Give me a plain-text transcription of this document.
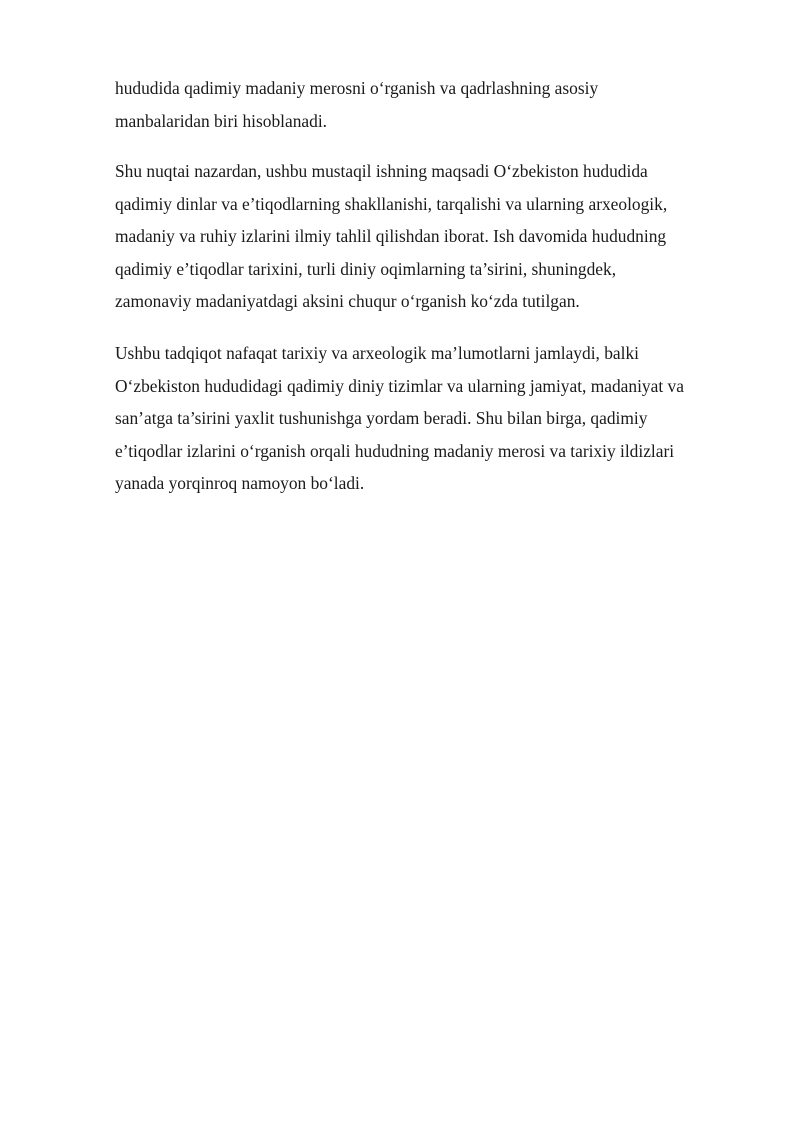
hududida qadimiy madaniy merosni o‘rganish va qadrlashning asosiy
manbalaridan biri hisoblanadi.
Shu nuqtai nazardan, ushbu mustaqil ishning maqsadi O‘zbekiston hududida
qadimiy dinlar va e’tiqodlarning shakllanishi, tarqalishi va ularning arxeologik,
madaniy va ruhiy izlarini ilmiy tahlil qilishdan iborat. Ish davomida hududning
qadimiy e’tiqodlar tarixini, turli diniy oqimlarning ta’sirini, shuningdek,
zamonaviy madaniyatdagi aksini chuqur o‘rganish ko‘zda tutilgan.
Ushbu tadqiqot nafaqat tarixiy va arxeologik ma’lumotlarni jamlaydi, balki
O‘zbekiston hududidagi qadimiy diniy tizimlar va ularning jamiyat, madaniyat va
san’atga ta’sirini yaxlit tushunishga yordam beradi. Shu bilan birga, qadimiy
e’tiqodlar izlarini o‘rganish orqali hududning madaniy merosi va tarixiy ildizlari
yanada yorqinroq namoyon bo‘ladi.
